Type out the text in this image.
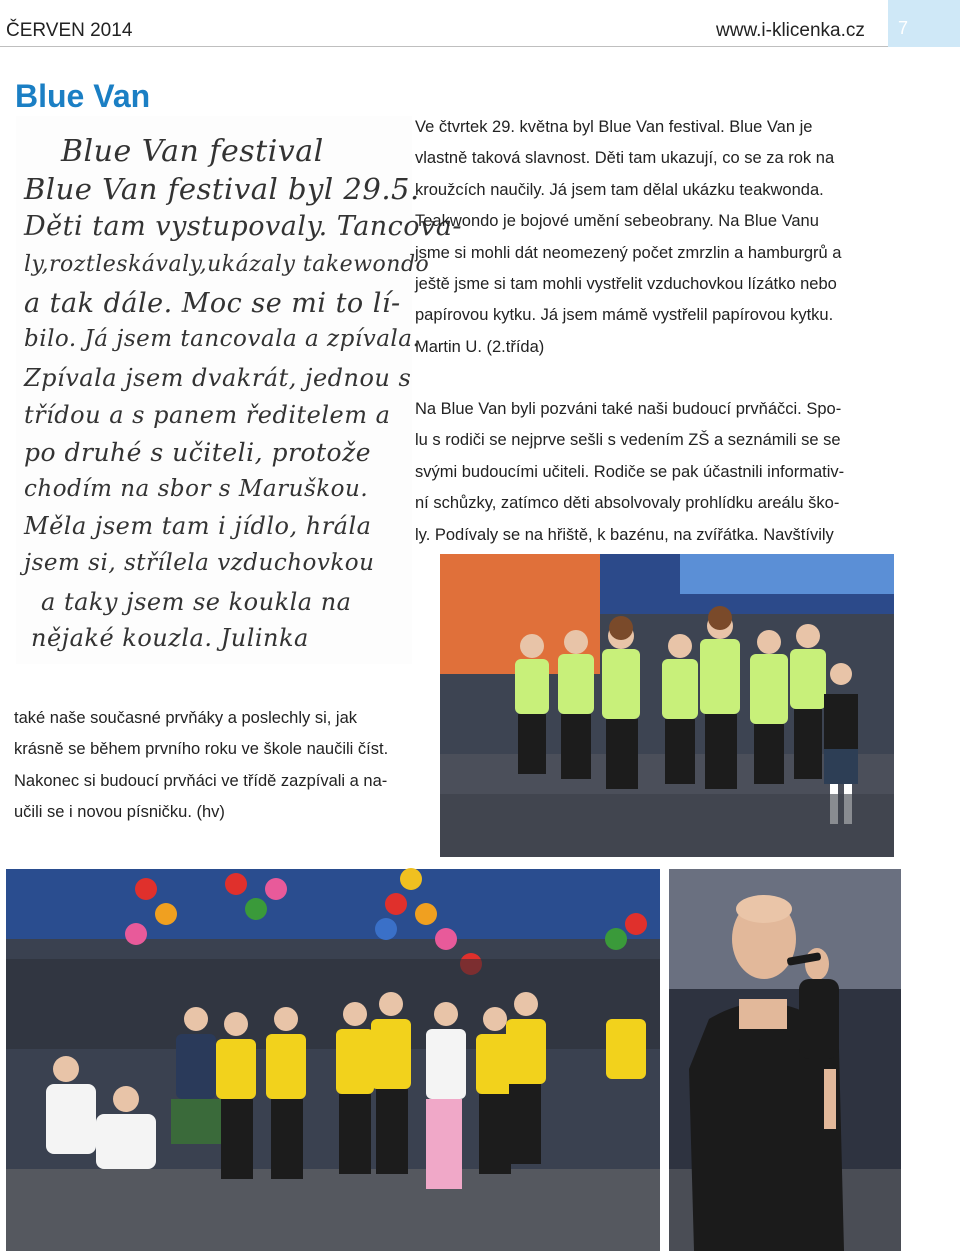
ČERVEN 2014	www.i-klicenka.cz 7
Blue Van
Blue Van festival
Blue Van festival byl 29.5.
Děti tam vystupovaly. Tancova-
ly,roztleskávaly,ukázaly takewondo
a tak dále. Moc se mi to lí-
bilo. Já jsem tancovala a zpívala.
Zpívala jsem dvakrát, jednou s
třídou a s panem ředitelem a
po druhé s učiteli, protože
chodím na sbor s Maruškou.
Měla jsem tam i jídlo, hrála
jsem si, střílela vzduchovkou
a taky jsem se koukla na
nějaké kouzla. Julinka
Ve čtvrtek 29. května byl Blue Van festival. Blue Van je
vlastně taková slavnost. Děti tam ukazují, co se za rok na
kroužcích naučily. Já jsem tam dělal ukázku teakwonda.
Teakwondo je bojové umění sebeobrany. Na Blue Vanu
jsme si mohli dát neomezený počet zmrzlin a hamburgrů a
ještě jsme si tam mohli vystřelit vzduchovkou lízátko nebo
papírovou kytku. Já jsem mámě vystřelil papírovou kytku.
Martin U. (2.třída)
Na Blue Van byli pozváni také naši budoucí prvňáčci. Spo-
lu s rodiči se nejprve sešli s vedením ZŠ a seznámili se se
svými budoucími učiteli. Rodiče se pak účastnili informativ-
ní schůzky, zatímco děti absolvovaly prohlídku areálu ško-
ly. Podívaly se na hřiště, k bazénu, na zvířátka. Navštívily
také naše současné prvňáky a poslechly si, jak
krásně se během prvního roku ve škole naučili číst.
Nakonec si budoucí prvňáci ve třídě zazpívali a na-
učili se i novou písničku. (hv)
